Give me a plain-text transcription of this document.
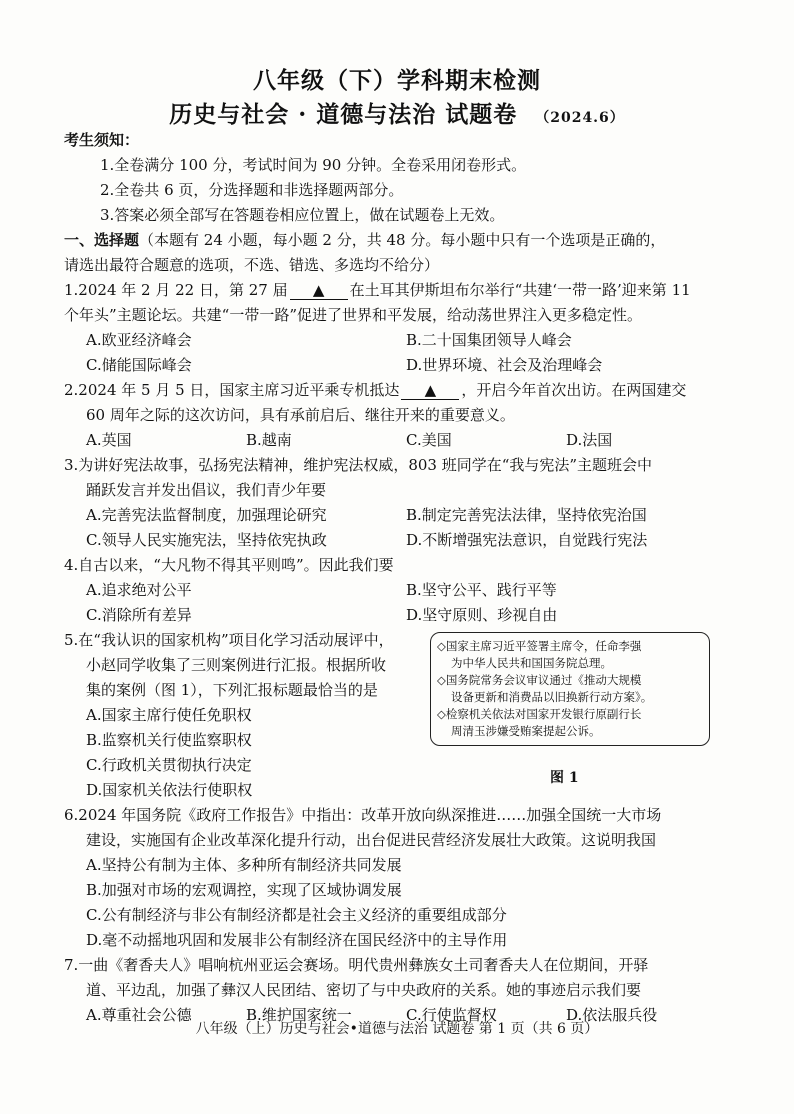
八年级（下）学科期末检测
历史与社会 · 道德与法治 试题卷 （2024.6）
考生须知：
1.全卷满分 100 分，考试时间为 90 分钟。全卷采用闭卷形式。
2.全卷共 6 页，分选择题和非选择题两部分。
3.答案必须全部写在答题卷相应位置上，做在试题卷上无效。
一、选择题（本题有 24 小题，每小题 2 分，共 48 分。每小题中只有一个选项是正确的，
请选出最符合题意的选项，不选、错选、多选均不给分）
1.2024 年 2 月 22 日，第 27 届 ▲ 在土耳其伊斯坦布尔举行“共建‘一带一路’迎来第 11
个年头”主题论坛。共建“一带一路”促进了世界和平发展，给动荡世界注入更多稳定性。
A.欧亚经济峰会	B.二十国集团领导人峰会
C.储能国际峰会	D.世界环境、社会及治理峰会
2.2024 年 5 月 5 日，国家主席习近平乘专机抵达 ▲ ，开启今年首次出访。在两国建交
60 周年之际的这次访问，具有承前启后、继往开来的重要意义。
A.英国	B.越南	C.美国	D.法国
3.为讲好宪法故事，弘扬宪法精神，维护宪法权威，803 班同学在“我与宪法”主题班会中
踊跃发言并发出倡议，我们青少年要
A.完善宪法监督制度，加强理论研究	B.制定完善宪法法律，坚持依宪治国
C.领导人民实施宪法，坚持依宪执政	D.不断增强宪法意识，自觉践行宪法
4.自古以来，“大凡物不得其平则鸣”。因此我们要
A.追求绝对公平	B.坚守公平、践行平等
C.消除所有差异	D.坚守原则、珍视自由
5.在“我认识的国家机构”项目化学习活动展评中，
小赵同学收集了三则案例进行汇报。根据所收
集的案例（图 1），下列汇报标题最恰当的是
A.国家主席行使任免职权
B.监察机关行使监察职权
C.行政机关贯彻执行决定
D.国家机关依法行使职权
◇国家主席习近平签署主席令，任命李强
为中华人民共和国国务院总理。
◇国务院常务会议审议通过《推动大规模
设备更新和消费品以旧换新行动方案》。
◇检察机关依法对国家开发银行原副行长
周清玉涉嫌受贿案提起公诉。
图 1
6.2024 年国务院《政府工作报告》中指出：改革开放向纵深推进……加强全国统一大市场
建设，实施国有企业改革深化提升行动，出台促进民营经济发展壮大政策。这说明我国
A.坚持公有制为主体、多种所有制经济共同发展
B.加强对市场的宏观调控，实现了区域协调发展
C.公有制经济与非公有制经济都是社会主义经济的重要组成部分
D.毫不动摇地巩固和发展非公有制经济在国民经济中的主导作用
7.一曲《奢香夫人》唱响杭州亚运会赛场。明代贵州彝族女土司奢香夫人在位期间，开驿
道、平边乱，加强了彝汉人民团结、密切了与中央政府的关系。她的事迹启示我们要
A.尊重社会公德	B.维护国家统一	C.行使监督权	D.依法服兵役
八年级（上）历史与社会•道德与法治 试题卷 第 1 页（共 6 页）
